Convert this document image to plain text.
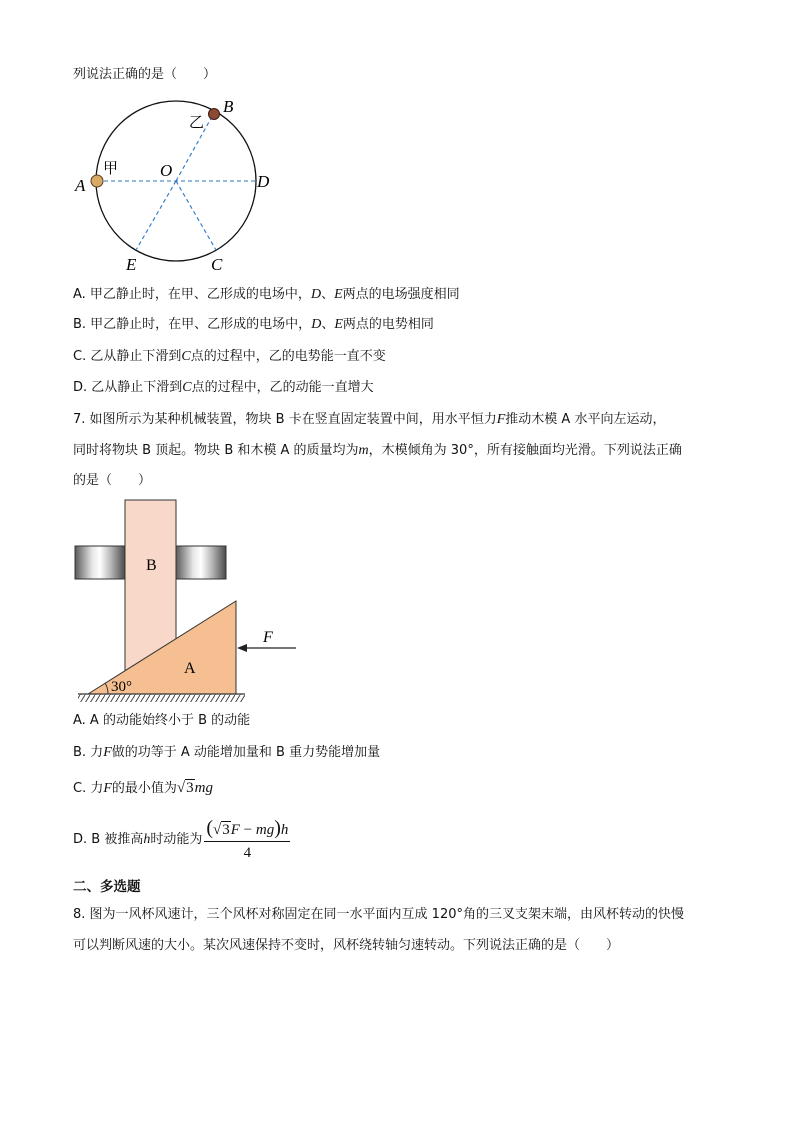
列说法正确的是（　　）
A
B
D
O
E	C
甲
乙
A. 甲乙静止时，在甲、乙形成的电场中，D、E两点的电场强度相同
B. 甲乙静止时，在甲、乙形成的电场中，D、E两点的电势相同
C. 乙从静止下滑到C点的过程中，乙的电势能一直不变
D. 乙从静止下滑到C点的过程中，乙的动能一直增大
7. 如图所示为某种机械装置，物块 B 卡在竖直固定装置中间，用水平恒力F推动木模 A 水平向左运动，
同时将物块 B 顶起。物块 B 和木模 A 的质量均为m，木模倾角为 30°，所有接触面均光滑。下列说法正确
的是（　　）
B
A
F
30°
A. A 的动能始终小于 B 的动能
B. 力F做的功等于 A 动能增加量和 B 重力势能增加量
C. 力F的最小值为√3mg
D. B 被推高 h 时动能为 $\frac{(√3F - mg)h}{4}$
二、多选题
8. 图为一风杯风速计，三个风杯对称固定在同一水平面内互成 120°角的三叉支架末端，由风杯转动的快慢
可以判断风速的大小。某次风速保持不变时，风杯绕转轴匀速转动。下列说法正确的是（　　）
